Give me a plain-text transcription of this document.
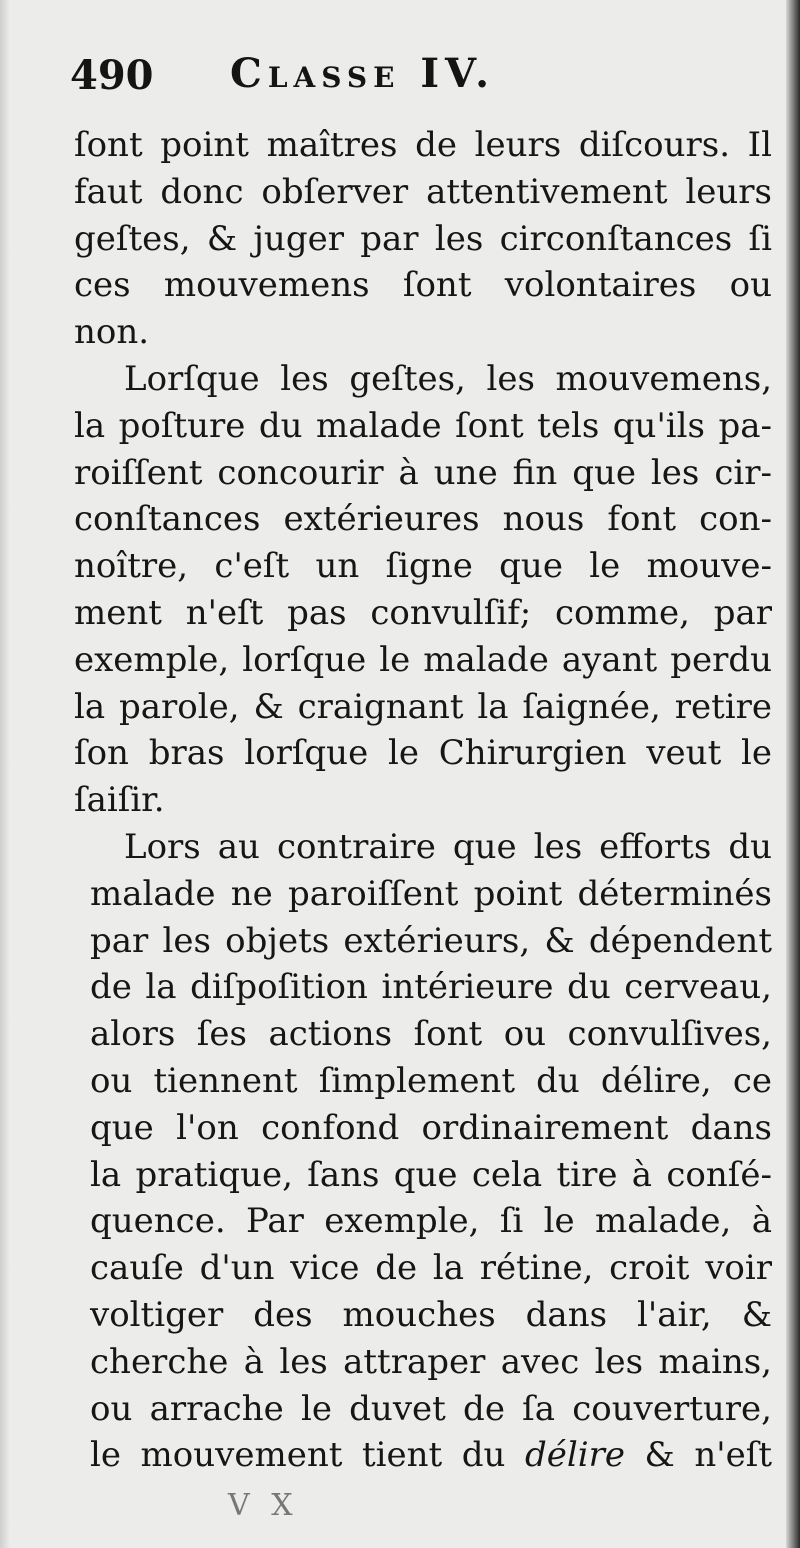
490 Classe IV.
ſont point maîtres de leurs diſcours. Il
faut donc obſerver attentivement leurs
geſtes, & juger par les circonſtances ſi
ces mouvemens ſont volontaires ou
non.
Lorſque les geſtes, les mouvemens,
la poſture du malade ſont tels qu'ils pa-
roiſſent concourir à une fin que les cir-
conſtances extérieures nous font con-
noître, c'eſt un ſigne que le mouve-
ment n'eſt pas convulſif; comme, par
exemple, lorſque le malade ayant perdu
la parole, & craignant la ſaignée, retire
ſon bras lorſque le Chirurgien veut le
ſaiſir.
Lors au contraire que les efforts du
malade ne paroiſſent point déterminés
par les objets extérieurs, & dépendent
de la diſpoſition intérieure du cerveau,
alors ſes actions ſont ou convulſives,
ou tiennent ſimplement du délire, ce
que l'on confond ordinairement dans
la pratique, ſans que cela tire à conſé-
quence. Par exemple, ſi le malade, à
cauſe d'un vice de la rétine, croit voir
voltiger des mouches dans l'air, &
cherche à les attraper avec les mains,
ou arrache le duvet de ſa couverture,
le mouvement tient du délire & n'eſt
V X
